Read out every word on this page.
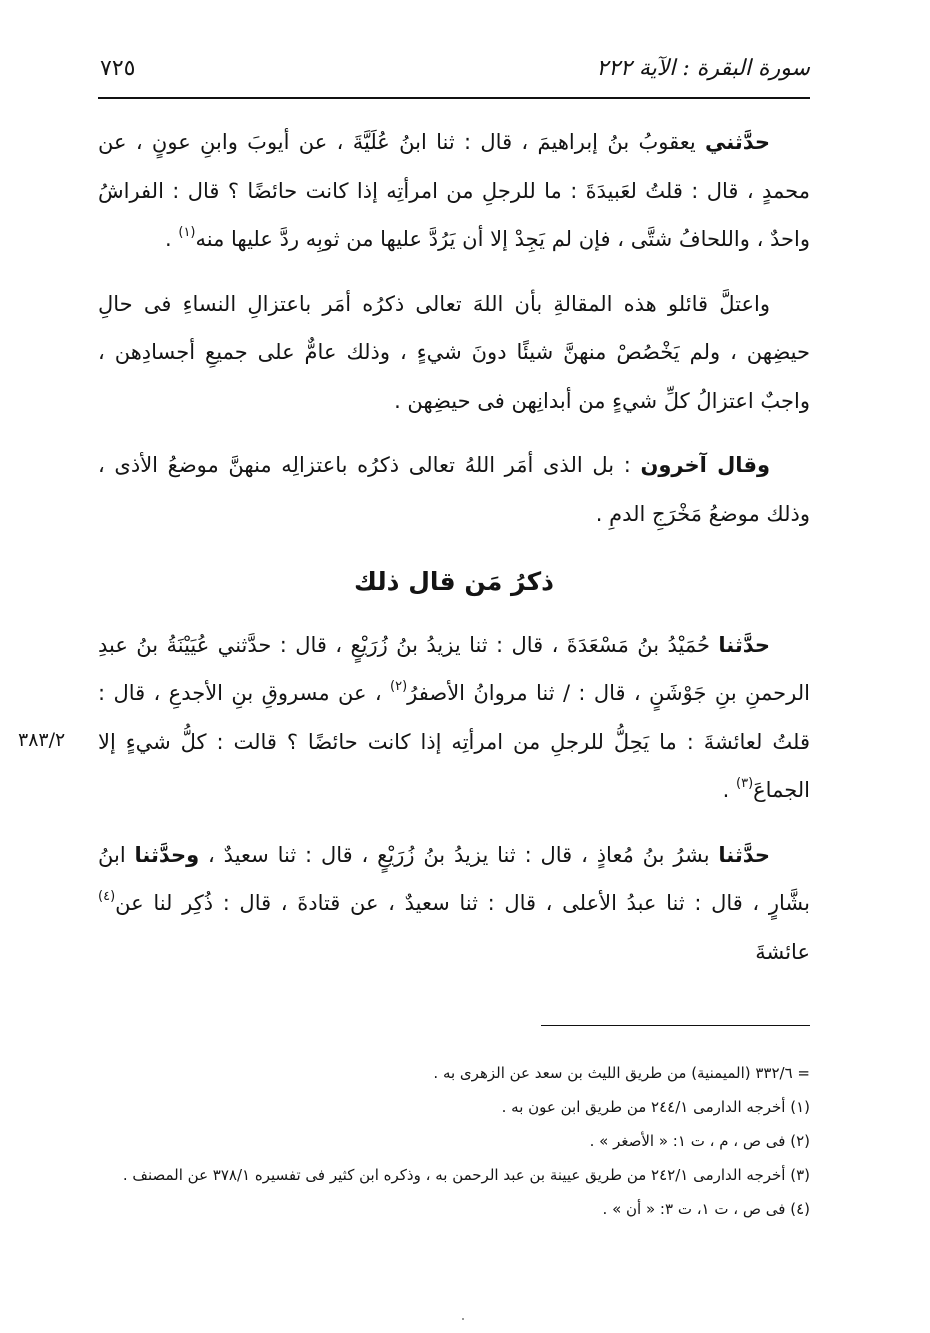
سورة البقرة : الآية ٢٢٢
٧٢٥
٣٨٣/٢

حدَّثني يعقوبُ بنُ إبراهيمَ ، قال : ثنا ابنُ عُلَيَّةَ ، عن أيوبَ وابنِ عونٍ ، عن محمدٍ ، قال : قلتُ لعَبيدَةَ : ما للرجلِ من امرأتِه إذا كانت حائضًا ؟ قال : الفراشُ واحدٌ ، واللحافُ شتَّى ، فإن لم يَجِدْ إلا أن يَرُدَّ عليها من ثوبِه ردَّ عليها منه$^{(١)}$ .

واعتلَّ قائلو هذه المقالةِ بأن اللهَ تعالى ذكرُه أمَر باعتزالِ النساءِ فى حالِ حيضِهن ، ولم يَخْصُصْ منهنَّ شيئًا دونَ شيءٍ ، وذلك عامٌّ على جميعِ أجسادِهن ، واجبٌ اعتزالُ كلِّ شيءٍ من أبدانِهن فى حيضِهن .

وقال آخرون : بل الذى أمَر اللهُ تعالى ذكرُه باعتزالِه منهنَّ موضعُ الأذى ، وذلك موضعُ مَخْرَجِ الدمِ .

ذكرُ مَن قال ذلك

حدَّثنا حُمَيْدُ بنُ مَسْعَدَةَ ، قال : ثنا يزيدُ بنُ زُرَيْعٍ ، قال : حدَّثني عُيَيْنَةُ بنُ عبدِ الرحمنِ بنِ جَوْشَنٍ ، قال : / ثنا مروانُ الأصفرُ$^{(٢)}$ ، عن مسروقِ بنِ الأجدعِ ، قال : قلتُ لعائشةَ : ما يَحِلُّ للرجلِ من امرأتِه إذا كانت حائضًا ؟ قالت : كلُّ شيءٍ إلا الجماعَ$^{(٣)}$ .

حدَّثنا بشرُ بنُ مُعاذٍ ، قال : ثنا يزيدُ بنُ زُرَيْعٍ ، قال : ثنا سعيدٌ ، وحدَّثنا ابنُ بشَّارٍ ، قال : ثنا عبدُ الأعلى ، قال : ثنا سعيدٌ ، عن قتادةَ ، قال : ذُكِر لنا عن$^{(٤)}$ عائشةَ

= ٣٣٢/٦ (الميمنية) من طريق الليث بن سعد عن الزهرى به .

(١) أخرجه الدارمى ٢٤٤/١ من طريق ابن عون به .

(٢) فى ص ، م ، ت ١: « الأصغر » .

(٣) أخرجه الدارمى ٢٤٢/١ من طريق عيينة بن عبد الرحمن به ، وذكره ابن كثير فى تفسيره ٣٧٨/١ عن المصنف .

(٤) فى ص ، ت ١، ت ٣: « أن » .
